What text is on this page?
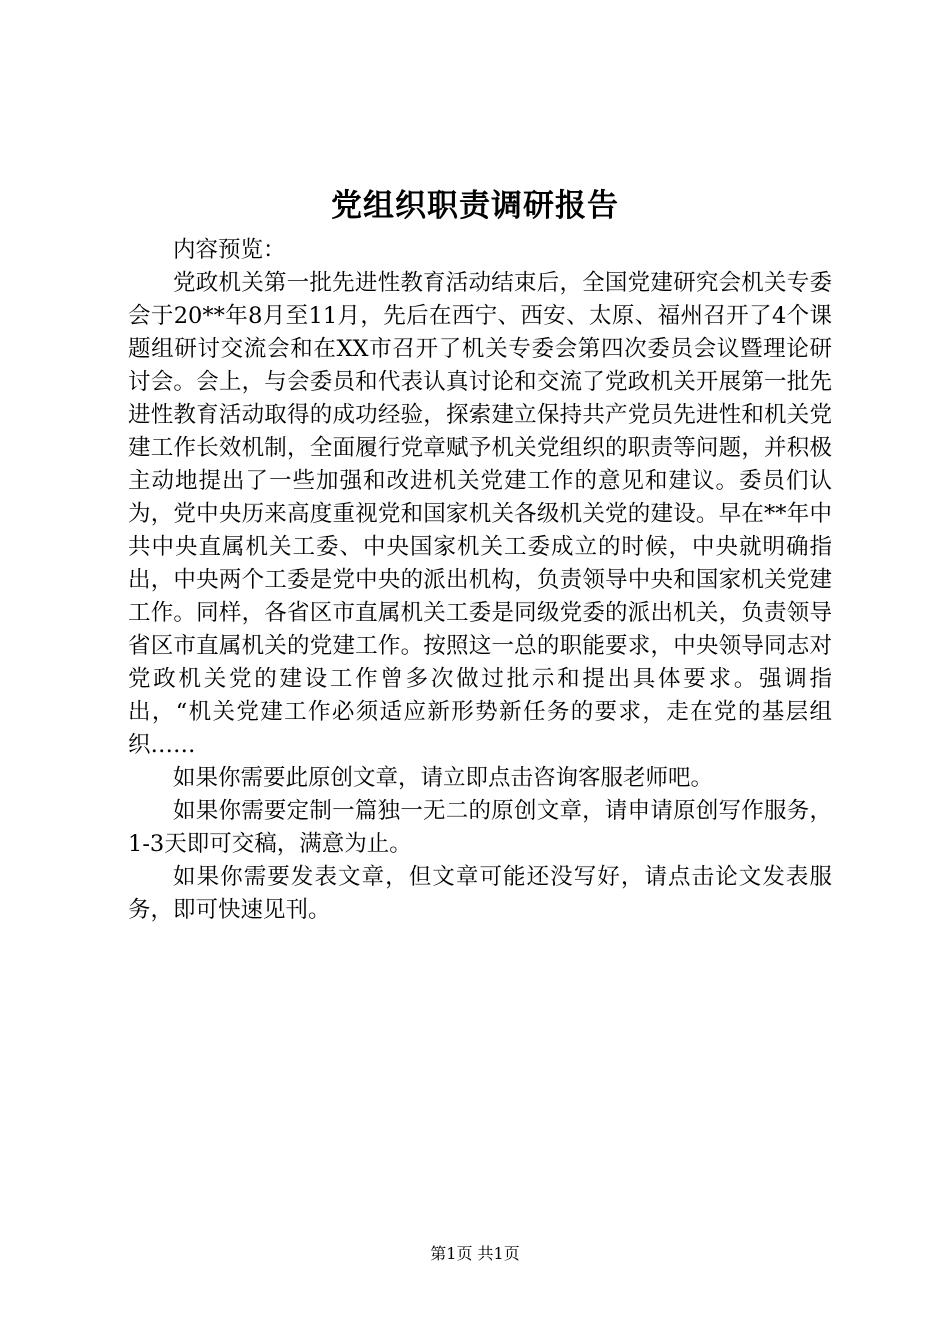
党组织职责调研报告

内容预览：

党政机关第一批先进性教育活动结束后，全国党建研究会机关专委会于20**年8月至11月，先后在西宁、西安、太原、福州召开了4个课题组研讨交流会和在XX市召开了机关专委会第四次委员会议暨理论研讨会。会上，与会委员和代表认真讨论和交流了党政机关开展第一批先进性教育活动取得的成功经验，探索建立保持共产党员先进性和机关党建工作长效机制，全面履行党章赋予机关党组织的职责等问题，并积极主动地提出了一些加强和改进机关党建工作的意见和建议。委员们认为，党中央历来高度重视党和国家机关各级机关党的建设。早在**年中共中央直属机关工委、中央国家机关工委成立的时候，中央就明确指出，中央两个工委是党中央的派出机构，负责领导中央和国家机关党建工作。同样，各省区市直属机关工委是同级党委的派出机关，负责领导省区市直属机关的党建工作。按照这一总的职能要求，中央领导同志对党政机关党的建设工作曾多次做过批示和提出具体要求。强调指出，“机关党建工作必须适应新形势新任务的要求，走在党的基层组织……

如果你需要此原创文章，请立即点击咨询客服老师吧。

如果你需要定制一篇独一无二的原创文章，请申请原创写作服务，1-3天即可交稿，满意为止。

如果你需要发表文章，但文章可能还没写好，请点击论文发表服务，即可快速见刊。

第1页 共1页
